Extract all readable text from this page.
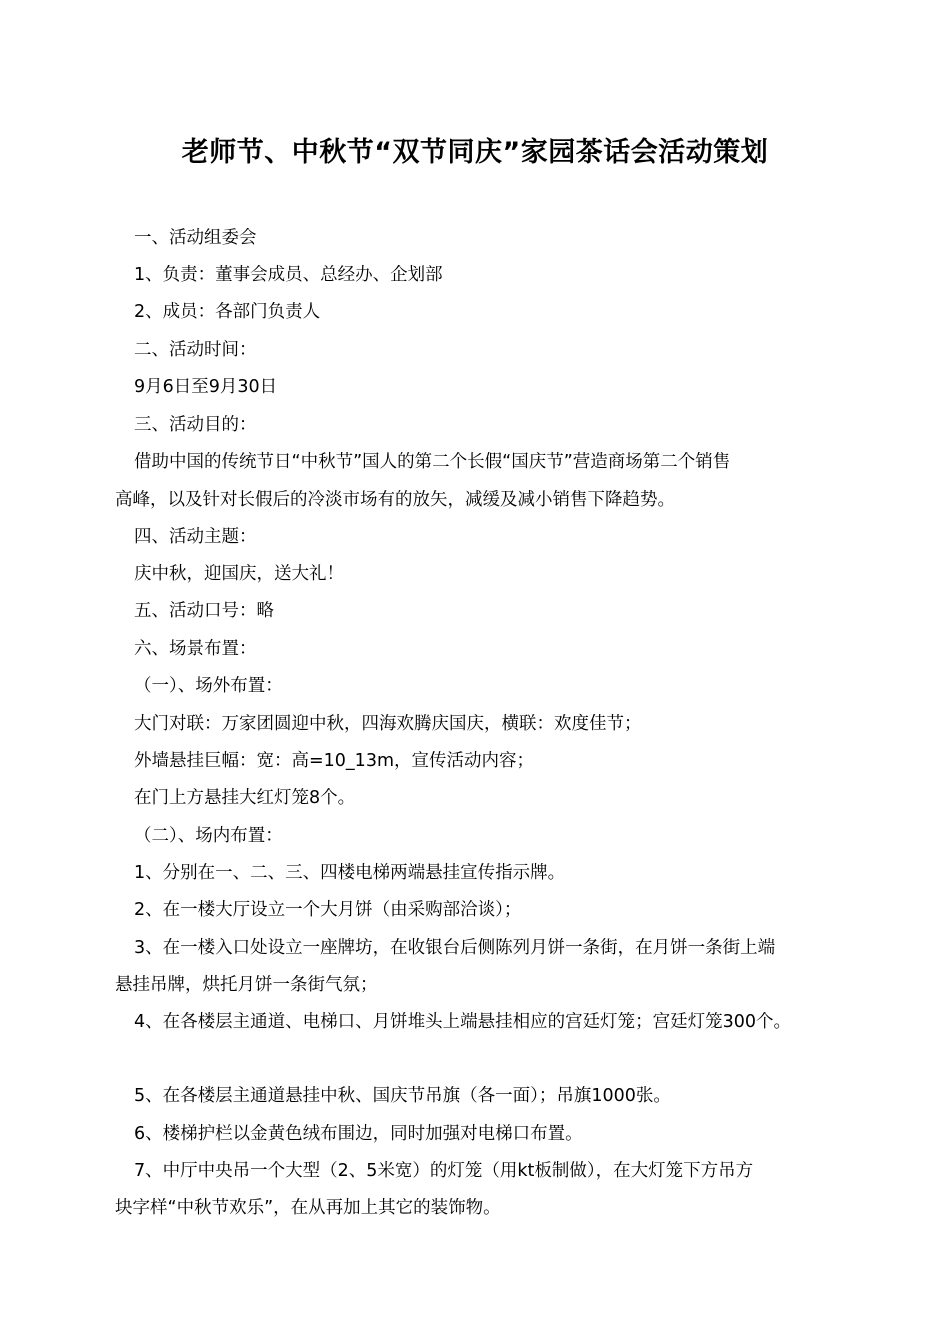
老师节、中秋节“双节同庆”家园茶话会活动策划
一、活动组委会
1、负责：董事会成员、总经办、企划部
2、成员：各部门负责人
二、活动时间：
9月6日至9月30日
三、活动目的：
借助中国的传统节日“中秋节”国人的第二个长假“国庆节”营造商场第二个销售
高峰，以及针对长假后的冷淡市场有的放矢，减缓及减小销售下降趋势。
四、活动主题：
庆中秋，迎国庆，送大礼！
五、活动口号：略
六、场景布置：
（一）、场外布置：
大门对联：万家团圆迎中秋，四海欢腾庆国庆，横联：欢度佳节；
外墙悬挂巨幅：宽：高=10_13m，宣传活动内容；
在门上方悬挂大红灯笼8个。
（二）、场内布置：
1、分别在一、二、三、四楼电梯两端悬挂宣传指示牌。
2、在一楼大厅设立一个大月饼（由采购部洽谈）；
3、在一楼入口处设立一座牌坊，在收银台后侧陈列月饼一条街，在月饼一条街上端
悬挂吊牌，烘托月饼一条街气氛；
4、在各楼层主通道、电梯口、月饼堆头上端悬挂相应的宫廷灯笼；宫廷灯笼300个。
5、在各楼层主通道悬挂中秋、国庆节吊旗（各一面）；吊旗1000张。
6、楼梯护栏以金黄色绒布围边，同时加强对电梯口布置。
7、中厅中央吊一个大型（2、5米宽）的灯笼（用kt板制做），在大灯笼下方吊方
块字样“中秋节欢乐”，在从再加上其它的装饰物。
